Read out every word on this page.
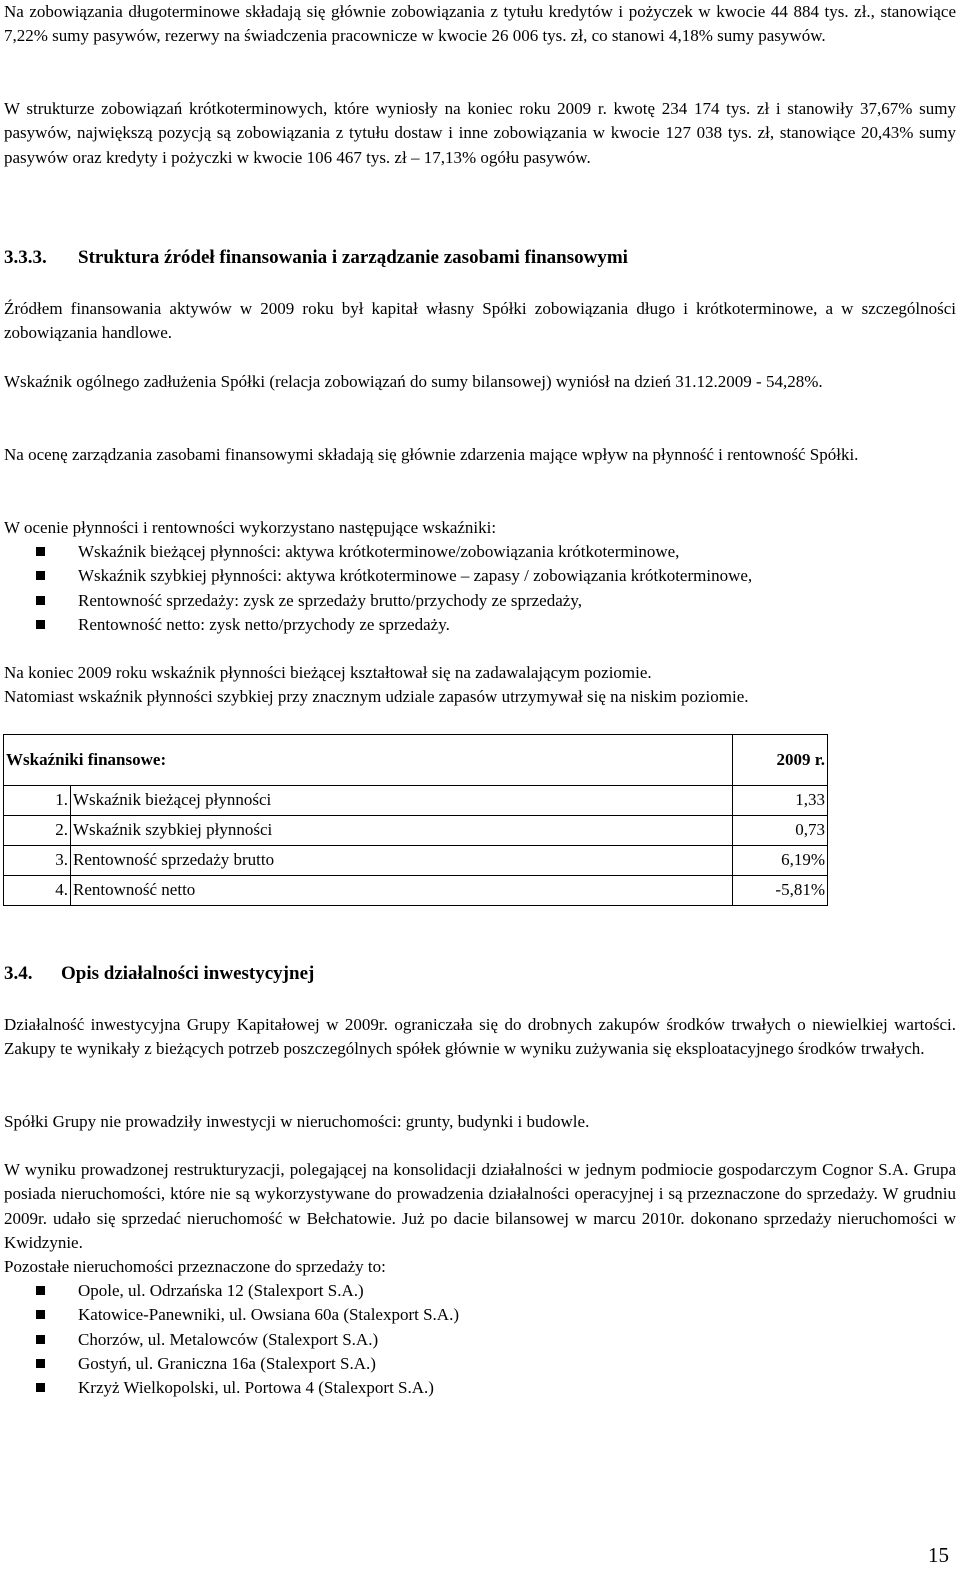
Na zobowiązania długoterminowe składają się głównie zobowiązania z tytułu kredytów i pożyczek w kwocie 44 884 tys. zł., stanowiące 7,22% sumy pasywów, rezerwy na świadczenia pracownicze w kwocie 26 006 tys. zł, co stanowi 4,18% sumy pasywów.

W strukturze zobowiązań krótkoterminowych, które wyniosły na koniec roku 2009 r. kwotę 234 174 tys. zł i stanowiły 37,67% sumy pasywów, największą pozycją są zobowiązania z tytułu dostaw i inne zobowiązania w kwocie 127 038 tys. zł, stanowiące 20,43% sumy pasywów oraz kredyty i pożyczki w kwocie 106 467 tys. zł – 17,13% ogółu pasywów.

3.3.3. Struktura źródeł finansowania i zarządzanie zasobami finansowymi

Źródłem finansowania aktywów w 2009 roku był kapitał własny Spółki zobowiązania długo i krótkoterminowe, a w szczególności zobowiązania handlowe.

Wskaźnik ogólnego zadłużenia Spółki (relacja zobowiązań do sumy bilansowej) wyniósł na dzień 31.12.2009 - 54,28%.

Na ocenę zarządzania zasobami finansowymi składają się głównie zdarzenia mające wpływ na płynność i rentowność Spółki.

W ocenie płynności i rentowności wykorzystano następujące wskaźniki:

Wskaźnik bieżącej płynności: aktywa krótkoterminowe/zobowiązania krótkoterminowe,
Wskaźnik szybkiej płynności: aktywa krótkoterminowe – zapasy / zobowiązania krótkoterminowe,
Rentowność sprzedaży: zysk ze sprzedaży brutto/przychody ze sprzedaży,
Rentowność netto: zysk netto/przychody ze sprzedaży.

Na koniec 2009 roku wskaźnik płynności bieżącej kształtował się na zadawalającym poziomie.

Natomiast wskaźnik płynności szybkiej przy znacznym udziale zapasów utrzymywał się na niskim poziomie.

Wskaźniki finansowe:		2009 r.
1.	Wskaźnik bieżącej płynności	1,33
2.	Wskaźnik szybkiej płynności	0,73
3.	Rentowność sprzedaży brutto	6,19%
4.	Rentowność netto	-5,81%
3.4. Opis działalności inwestycyjnej

Działalność inwestycyjna Grupy Kapitałowej w 2009r. ograniczała się do drobnych zakupów środków trwałych o niewielkiej wartości. Zakupy te wynikały z bieżących potrzeb poszczególnych spółek głównie w wyniku zużywania się eksploatacyjnego środków trwałych.

Spółki Grupy nie prowadziły inwestycji w nieruchomości: grunty, budynki i budowle.

W wyniku prowadzonej restrukturyzacji, polegającej na konsolidacji działalności w jednym podmiocie gospodarczym Cognor S.A. Grupa posiada nieruchomości, które nie są wykorzystywane do prowadzenia działalności operacyjnej i są przeznaczone do sprzedaży. W grudniu 2009r. udało się sprzedać nieruchomość w Bełchatowie. Już po dacie bilansowej w marcu 2010r. dokonano sprzedaży nieruchomości w Kwidzynie.

Pozostałe nieruchomości przeznaczone do sprzedaży to:

Opole, ul. Odrzańska 12 (Stalexport S.A.)
Katowice-Panewniki, ul. Owsiana 60a (Stalexport S.A.)
Chorzów, ul. Metalowców (Stalexport S.A.)
Gostyń, ul. Graniczna 16a (Stalexport S.A.)
Krzyż Wielkopolski, ul. Portowa 4 (Stalexport S.A.)
15
